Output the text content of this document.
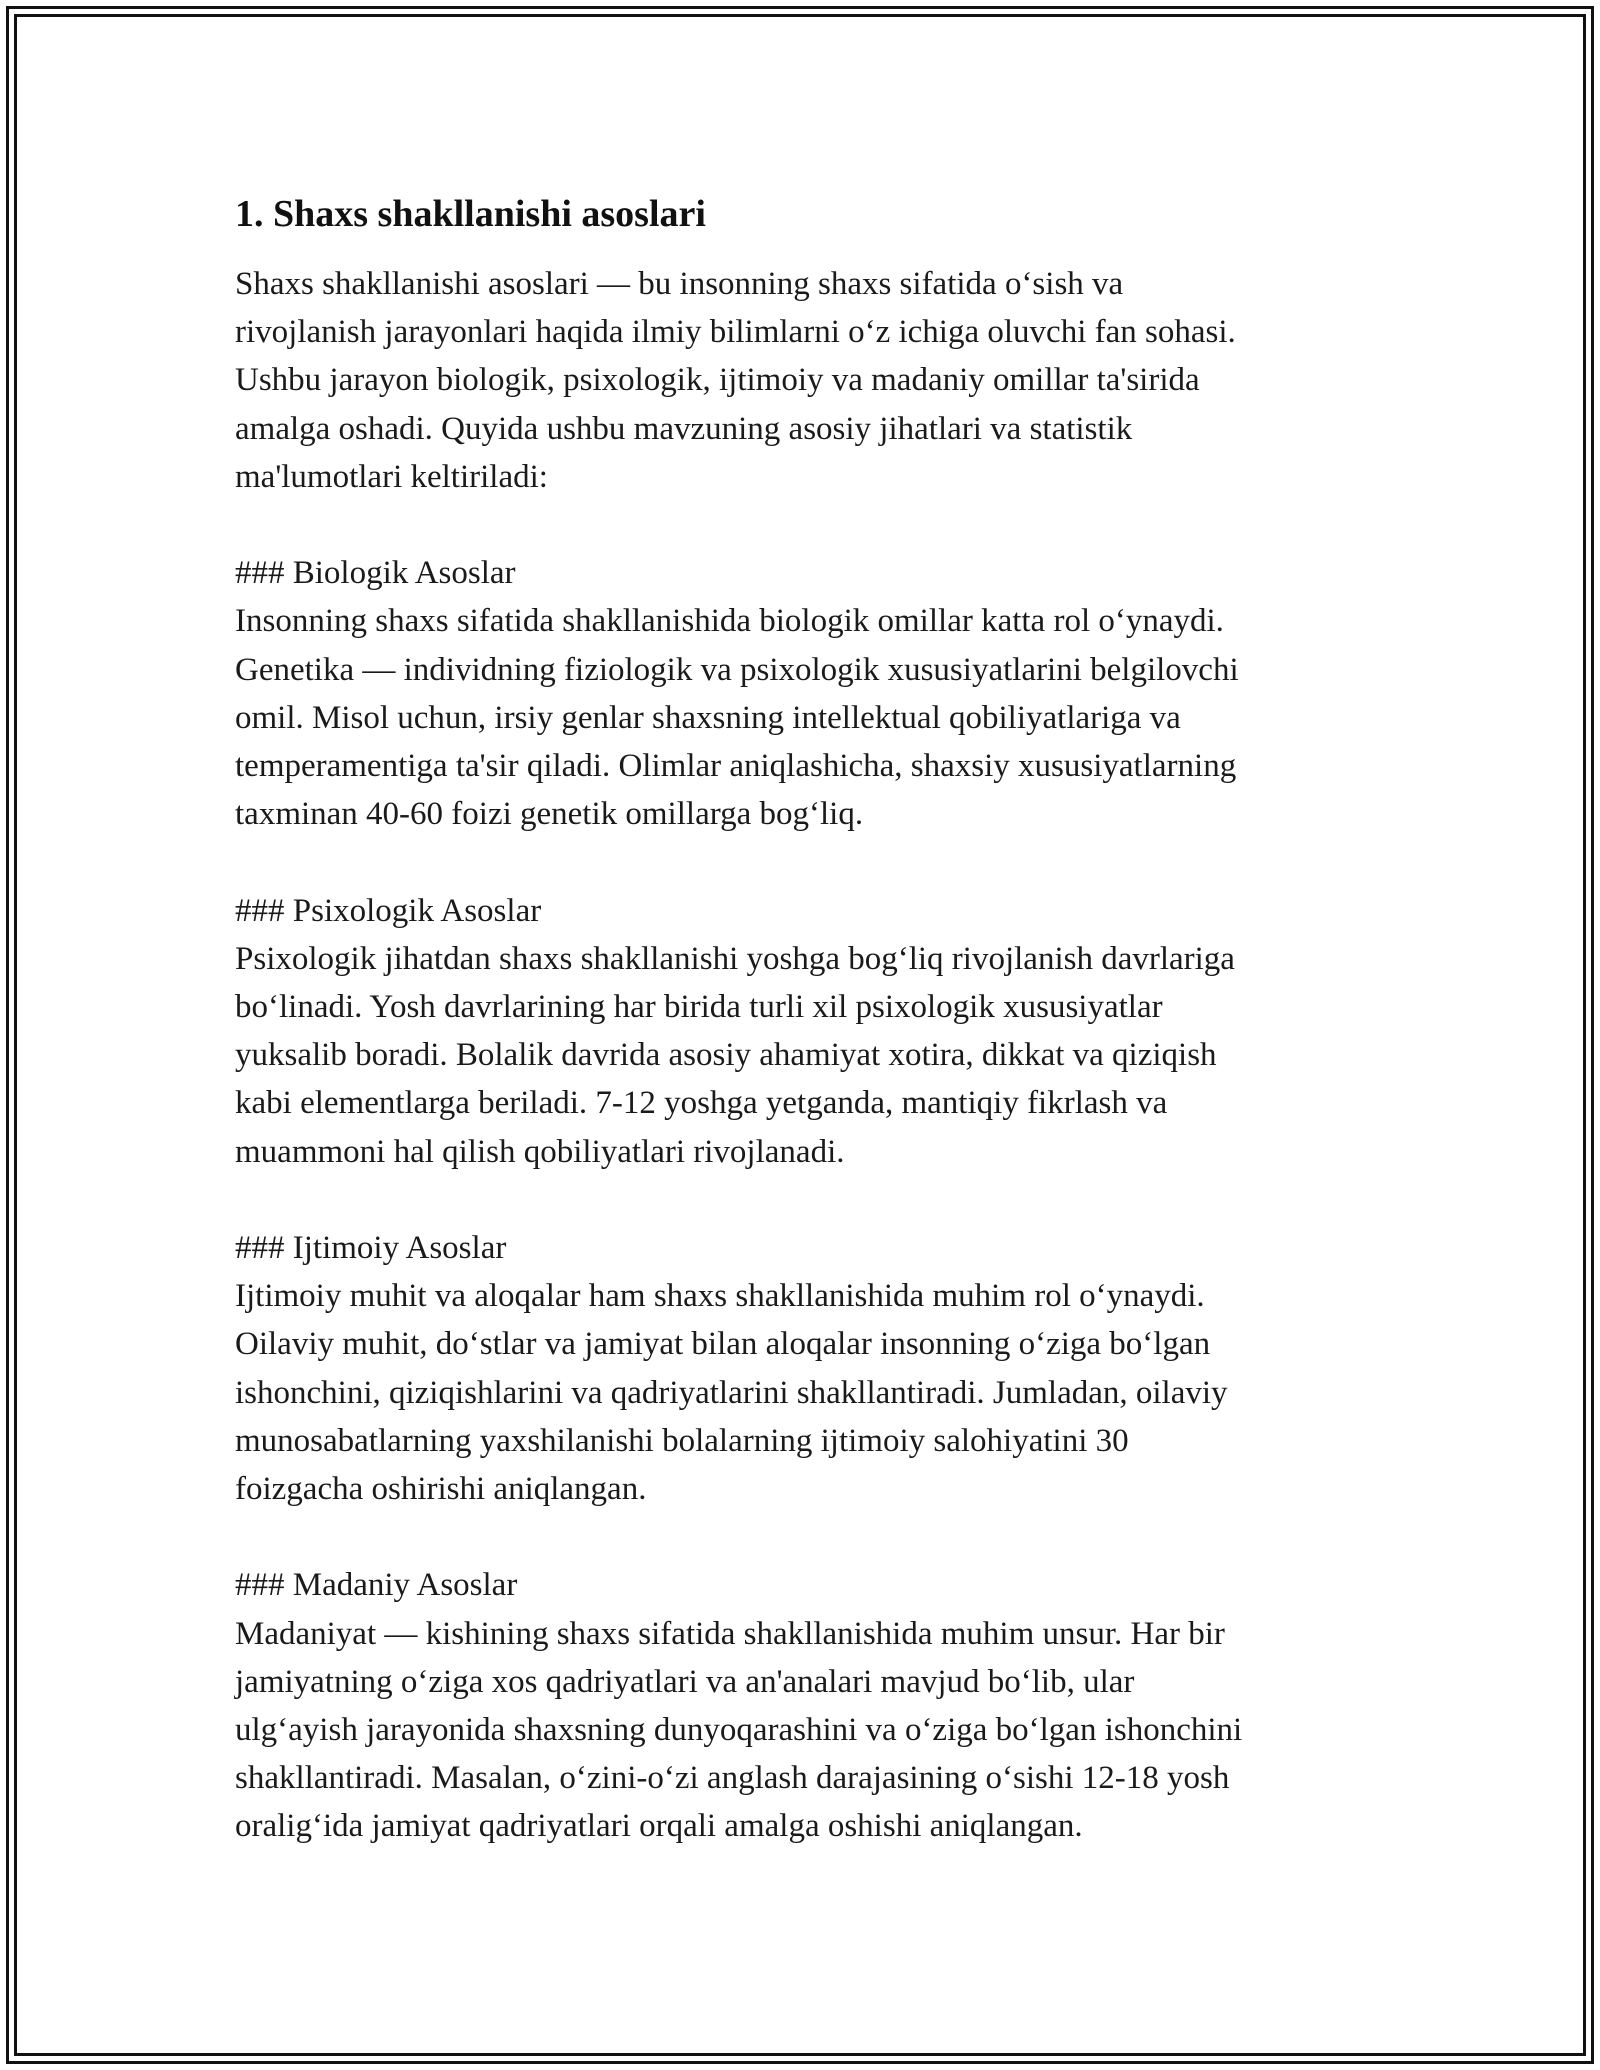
1. Shaxs shakllanishi asoslari

Shaxs shakllanishi asoslari — bu insonning shaxs sifatida o‘sish va
rivojlanish jarayonlari haqida ilmiy bilimlarni o‘z ichiga oluvchi fan sohasi.
Ushbu jarayon biologik, psixologik, ijtimoiy va madaniy omillar ta'sirida
amalga oshadi. Quyida ushbu mavzuning asosiy jihatlari va statistik
ma'lumotlari keltiriladi:

### Biologik Asoslar

Insonning shaxs sifatida shakllanishida biologik omillar katta rol o‘ynaydi.
Genetika — individning fiziologik va psixologik xususiyatlarini belgilovchi
omil. Misol uchun, irsiy genlar shaxsning intellektual qobiliyatlariga va
temperamentiga ta'sir qiladi. Olimlar aniqlashicha, shaxsiy xususiyatlarning
taxminan 40-60 foizi genetik omillarga bog‘liq.

### Psixologik Asoslar

Psixologik jihatdan shaxs shakllanishi yoshga bog‘liq rivojlanish davrlariga
bo‘linadi. Yosh davrlarining har birida turli xil psixologik xususiyatlar
yuksalib boradi. Bolalik davrida asosiy ahamiyat xotira, dikkat va qiziqish
kabi elementlarga beriladi. 7-12 yoshga yetganda, mantiqiy fikrlash va
muammoni hal qilish qobiliyatlari rivojlanadi.

### Ijtimoiy Asoslar

Ijtimoiy muhit va aloqalar ham shaxs shakllanishida muhim rol o‘ynaydi.
Oilaviy muhit, do‘stlar va jamiyat bilan aloqalar insonning o‘ziga bo‘lgan
ishonchini, qiziqishlarini va qadriyatlarini shakllantiradi. Jumladan, oilaviy
munosabatlarning yaxshilanishi bolalarning ijtimoiy salohiyatini 30
foizgacha oshirishi aniqlangan.

### Madaniy Asoslar

Madaniyat — kishining shaxs sifatida shakllanishida muhim unsur. Har bir
jamiyatning o‘ziga xos qadriyatlari va an'analari mavjud bo‘lib, ular
ulg‘ayish jarayonida shaxsning dunyoqarashini va o‘ziga bo‘lgan ishonchini
shakllantiradi. Masalan, o‘zini-o‘zi anglash darajasining o‘sishi 12-18 yosh
oralig‘ida jamiyat qadriyatlari orqali amalga oshishi aniqlangan.
